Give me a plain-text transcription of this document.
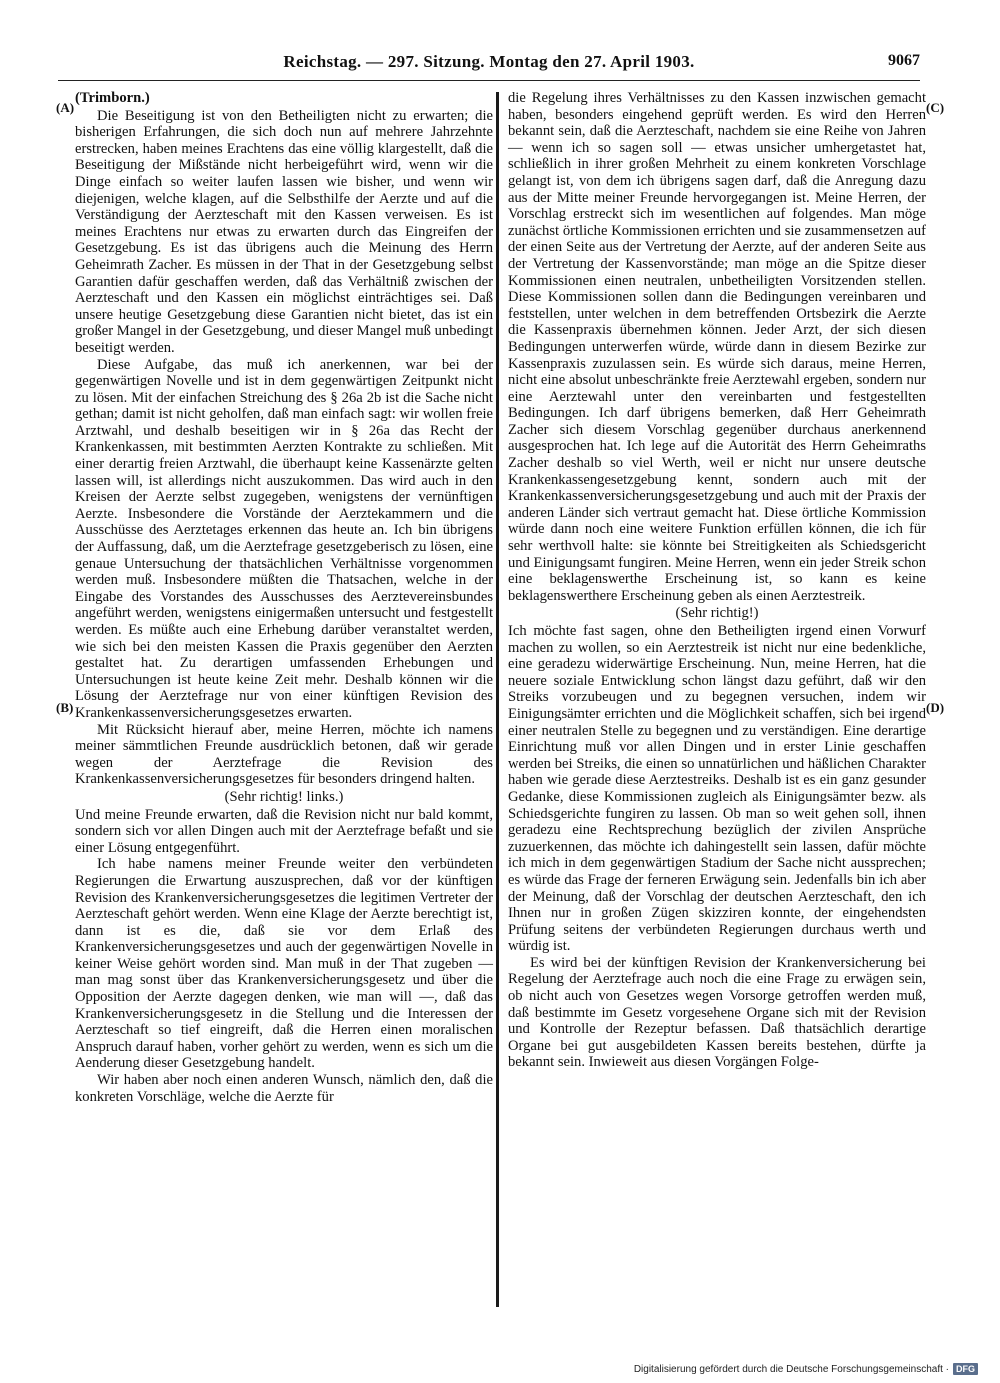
Reichstag. — 297. Sitzung. Montag den 27. April 1903.	9067
(A)
(B)
(C)
(D)

(Trimborn.)

Die Beseitigung ist von den Betheiligten nicht zu erwarten; die bisherigen Erfahrungen, die sich doch nun auf mehrere Jahrzehnte erstrecken, haben meines Erachtens das eine völlig klargestellt, daß die Beseitigung der Mißstände nicht herbeigeführt wird, wenn wir die Dinge einfach so weiter laufen lassen wie bisher, und wenn wir diejenigen, welche klagen, auf die Selbsthilfe der Aerzte und auf die Verständigung der Aerzteschaft mit den Kassen verweisen. Es ist meines Erachtens nur etwas zu erwarten durch das Eingreifen der Gesetzgebung. Es ist das übrigens auch die Meinung des Herrn Geheimrath Zacher. Es müssen in der That in der Gesetzgebung selbst Garantien dafür geschaffen werden, daß das Verhältniß zwischen der Aerzteschaft und den Kassen ein möglichst einträchtiges sei. Daß unsere heutige Gesetzgebung diese Garantien nicht bietet, das ist ein großer Mangel in der Gesetzgebung, und dieser Mangel muß unbedingt beseitigt werden.

Diese Aufgabe, das muß ich anerkennen, war bei der gegenwärtigen Novelle und ist in dem gegenwärtigen Zeitpunkt nicht zu lösen. Mit der einfachen Streichung des § 26a 2b ist die Sache nicht gethan; damit ist nicht geholfen, daß man einfach sagt: wir wollen freie Arztwahl, und deshalb beseitigen wir in § 26a das Recht der Krankenkassen, mit bestimmten Aerzten Kontrakte zu schließen. Mit einer derartig freien Arztwahl, die überhaupt keine Kassenärzte gelten lassen will, ist allerdings nicht auszukommen. Das wird auch in den Kreisen der Aerzte selbst zugegeben, wenigstens der vernünftigen Aerzte. Insbesondere die Vorstände der Aerztekammern und die Ausschüsse des Aerztetages erkennen das heute an. Ich bin übrigens der Auffassung, daß, um die Aerztefrage gesetzgeberisch zu lösen, eine genaue Untersuchung der thatsächlichen Verhältnisse vorgenommen werden muß. Insbesondere müßten die Thatsachen, welche in der Eingabe des Vorstandes des Ausschusses des Aerztevereinsbundes angeführt werden, wenigstens einigermaßen untersucht und festgestellt werden. Es müßte auch eine Erhebung darüber veranstaltet werden, wie sich bei den meisten Kassen die Praxis gegenüber den Aerzten gestaltet hat. Zu derartigen umfassenden Erhebungen und Untersuchungen ist heute keine Zeit mehr. Deshalb können wir die Lösung der Aerztefrage nur von einer künftigen Revision des Krankenkassenversicherungsgesetzes erwarten.

Mit Rücksicht hierauf aber, meine Herren, möchte ich namens meiner sämmtlichen Freunde ausdrücklich betonen, daß wir gerade wegen der Aerztefrage die Revision des Krankenkassenversicherungsgesetzes für besonders dringend halten.

(Sehr richtig! links.)

Und meine Freunde erwarten, daß die Revision nicht nur bald kommt, sondern sich vor allen Dingen auch mit der Aerztefrage befaßt und sie einer Lösung entgegenführt.

Ich habe namens meiner Freunde weiter den verbündeten Regierungen die Erwartung auszusprechen, daß vor der künftigen Revision des Krankenversicherungsgesetzes die legitimen Vertreter der Aerzteschaft gehört werden. Wenn eine Klage der Aerzte berechtigt ist, dann ist es die, daß sie vor dem Erlaß des Krankenversicherungsgesetzes und auch der gegenwärtigen Novelle in keiner Weise gehört worden sind. Man muß in der That zugeben — man mag sonst über das Krankenversicherungsgesetz und über die Opposition der Aerzte dagegen denken, wie man will —, daß das Krankenversicherungsgesetz in die Stellung und die Interessen der Aerzteschaft so tief eingreift, daß die Herren einen moralischen Anspruch darauf haben, vorher gehört zu werden, wenn es sich um die Aenderung dieser Gesetzgebung handelt.

Wir haben aber noch einen anderen Wunsch, nämlich den, daß die konkreten Vorschläge, welche die Aerzte für

die Regelung ihres Verhältnisses zu den Kassen inzwischen gemacht haben, besonders eingehend geprüft werden. Es wird den Herren bekannt sein, daß die Aerzteschaft, nachdem sie eine Reihe von Jahren — wenn ich so sagen soll — etwas unsicher umhergetastet hat, schließlich in ihrer großen Mehrheit zu einem konkreten Vorschlage gelangt ist, von dem ich übrigens sagen darf, daß die Anregung dazu aus der Mitte meiner Freunde hervorgegangen ist. Meine Herren, der Vorschlag erstreckt sich im wesentlichen auf folgendes. Man möge zunächst örtliche Kommissionen errichten und sie zusammensetzen auf der einen Seite aus der Vertretung der Aerzte, auf der anderen Seite aus der Vertretung der Kassenvorstände; man möge an die Spitze dieser Kommissionen einen neutralen, unbetheiligten Vorsitzenden stellen. Diese Kommissionen sollen dann die Bedingungen vereinbaren und feststellen, unter welchen in dem betreffenden Ortsbezirk die Aerzte die Kassenpraxis übernehmen können. Jeder Arzt, der sich diesen Bedingungen unterwerfen würde, würde dann in diesem Bezirke zur Kassenpraxis zuzulassen sein. Es würde sich daraus, meine Herren, nicht eine absolut unbeschränkte freie Aerztewahl ergeben, sondern nur eine Aerztewahl unter den vereinbarten und festgestellten Bedingungen. Ich darf übrigens bemerken, daß Herr Geheimrath Zacher sich diesem Vorschlag gegenüber durchaus anerkennend ausgesprochen hat. Ich lege auf die Autorität des Herrn Geheimraths Zacher deshalb so viel Werth, weil er nicht nur unsere deutsche Krankenkassengesetzgebung kennt, sondern auch mit der Krankenkassenversicherungsgesetzgebung und auch mit der Praxis der anderen Länder sich vertraut gemacht hat. Diese örtliche Kommission würde dann noch eine weitere Funktion erfüllen können, die ich für sehr werthvoll halte: sie könnte bei Streitigkeiten als Schiedsgericht und Einigungsamt fungiren. Meine Herren, wenn ein jeder Streik schon eine beklagenswerthe Erscheinung ist, so kann es keine beklagenswerthere Erscheinung geben als einen Aerztestreik.

(Sehr richtig!)

Ich möchte fast sagen, ohne den Betheiligten irgend einen Vorwurf machen zu wollen, so ein Aerztestreik ist nicht nur eine bedenkliche, eine geradezu widerwärtige Erscheinung. Nun, meine Herren, hat die neuere soziale Entwicklung schon längst dazu geführt, daß wir den Streiks vorzubeugen und zu begegnen versuchen, indem wir Einigungsämter errichten und die Möglichkeit schaffen, sich bei irgend einer neutralen Stelle zu begegnen und zu verständigen. Eine derartige Einrichtung muß vor allen Dingen und in erster Linie geschaffen werden bei Streiks, die einen so unnatürlichen und häßlichen Charakter haben wie gerade diese Aerztestreiks. Deshalb ist es ein ganz gesunder Gedanke, diese Kommissionen zugleich als Einigungsämter bezw. als Schiedsgerichte fungiren zu lassen. Ob man so weit gehen soll, ihnen geradezu eine Rechtsprechung bezüglich der zivilen Ansprüche zuzuerkennen, das möchte ich dahingestellt sein lassen, dafür möchte ich mich in dem gegenwärtigen Stadium der Sache nicht aussprechen; es würde das Frage der ferneren Erwägung sein. Jedenfalls bin ich aber der Meinung, daß der Vorschlag der deutschen Aerzteschaft, den ich Ihnen nur in großen Zügen skizziren konnte, der eingehendsten Prüfung seitens der verbündeten Regierungen durchaus werth und würdig ist.

Es wird bei der künftigen Revision der Krankenversicherung bei Regelung der Aerztefrage auch noch die eine Frage zu erwägen sein, ob nicht auch von Gesetzes wegen Vorsorge getroffen werden muß, daß bestimmte im Gesetz vorgesehene Organe sich mit der Revision und Kontrolle der Rezeptur befassen. Daß thatsächlich derartige Organe bei gut ausgebildeten Kassen bereits bestehen, dürfte ja bekannt sein. Inwieweit aus diesen Vorgängen Folge-

Digitalisierung gefördert durch die Deutsche Forschungsgemeinschaft · DFG
